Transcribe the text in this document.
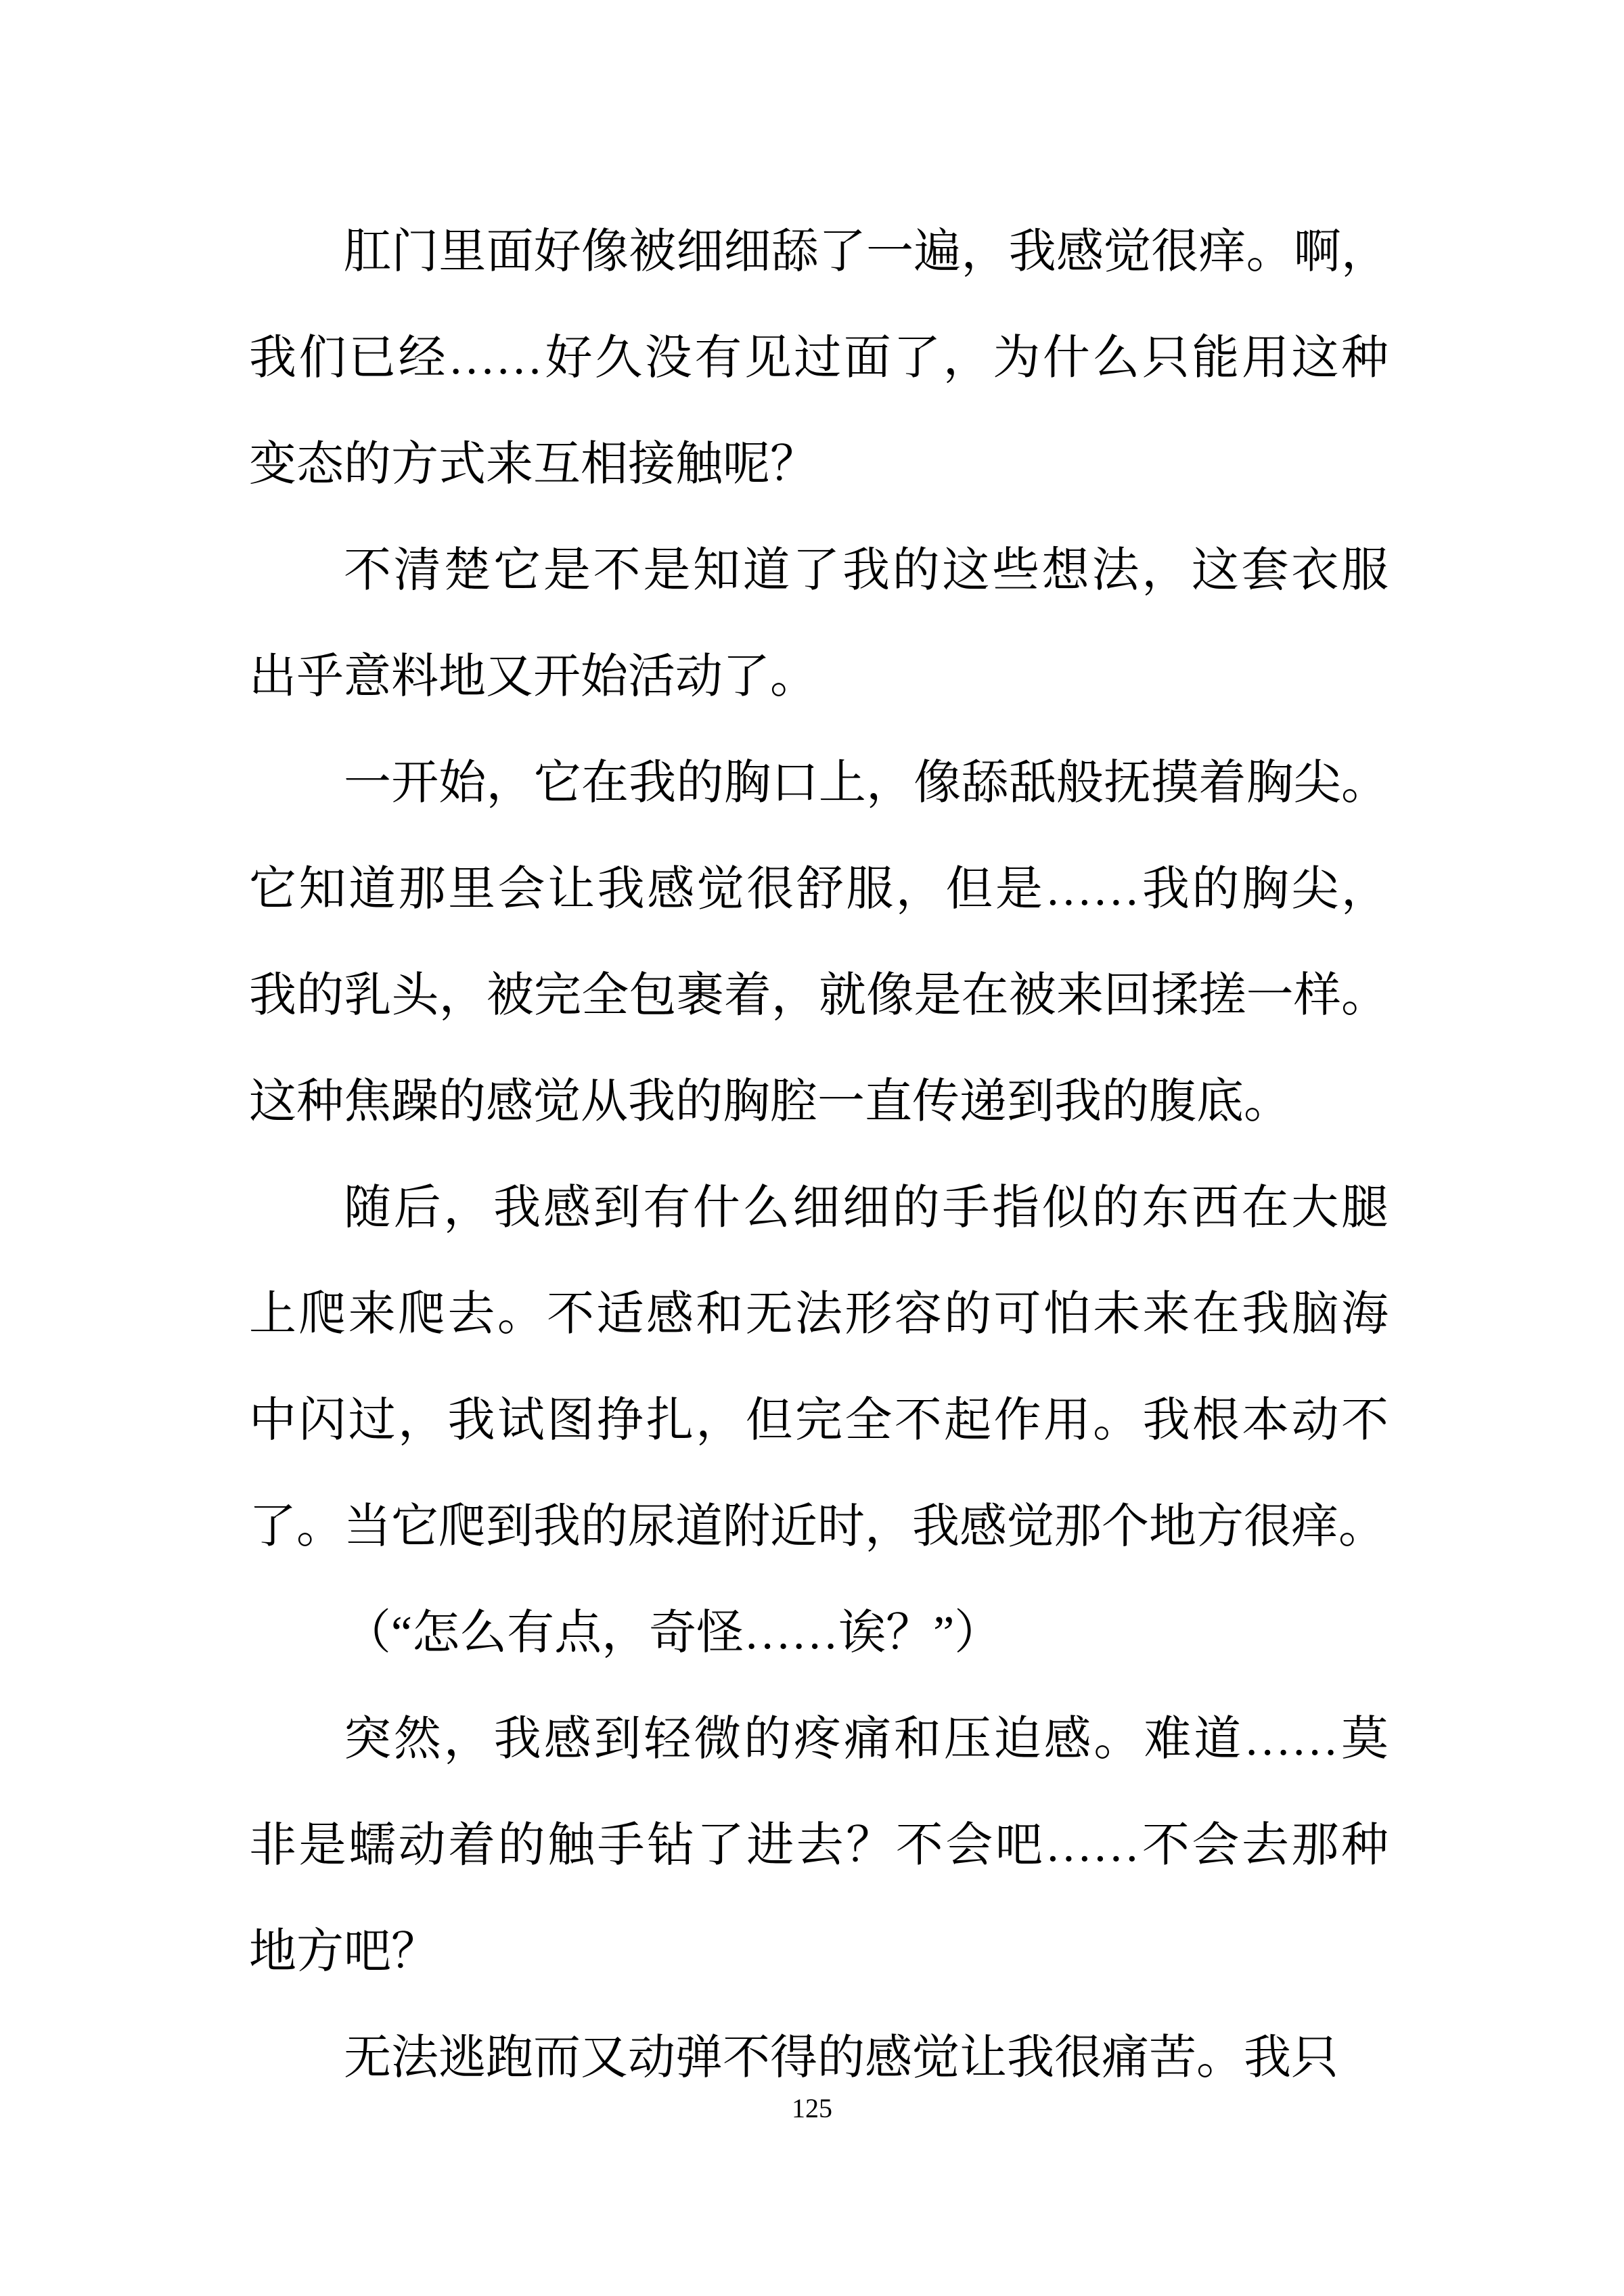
肛门里面好像被细细舔了一遍，我感觉很痒。啊，
我们已经……好久没有见过面了，为什么只能用这种
变态的方式来互相接触呢？
不清楚它是不是知道了我的这些想法，这套衣服
出乎意料地又开始活动了。
一开始，它在我的胸口上，像舔舐般抚摸着胸尖。
它知道那里会让我感觉很舒服，但是……我的胸尖，
我的乳头，被完全包裹着，就像是在被来回揉搓一样。
这种焦躁的感觉从我的胸腔一直传递到我的腹底。
随后，我感到有什么细细的手指似的东西在大腿
上爬来爬去。不适感和无法形容的可怕未来在我脑海
中闪过，我试图挣扎，但完全不起作用。我根本动不
了。当它爬到我的尿道附近时，我感觉那个地方很痒。
（“怎么有点，奇怪……诶？”）
突然，我感到轻微的疼痛和压迫感。难道……莫
非是蠕动着的触手钻了进去？不会吧……不会去那种
地方吧？
无法逃跑而又动弹不得的感觉让我很痛苦。我只
125
